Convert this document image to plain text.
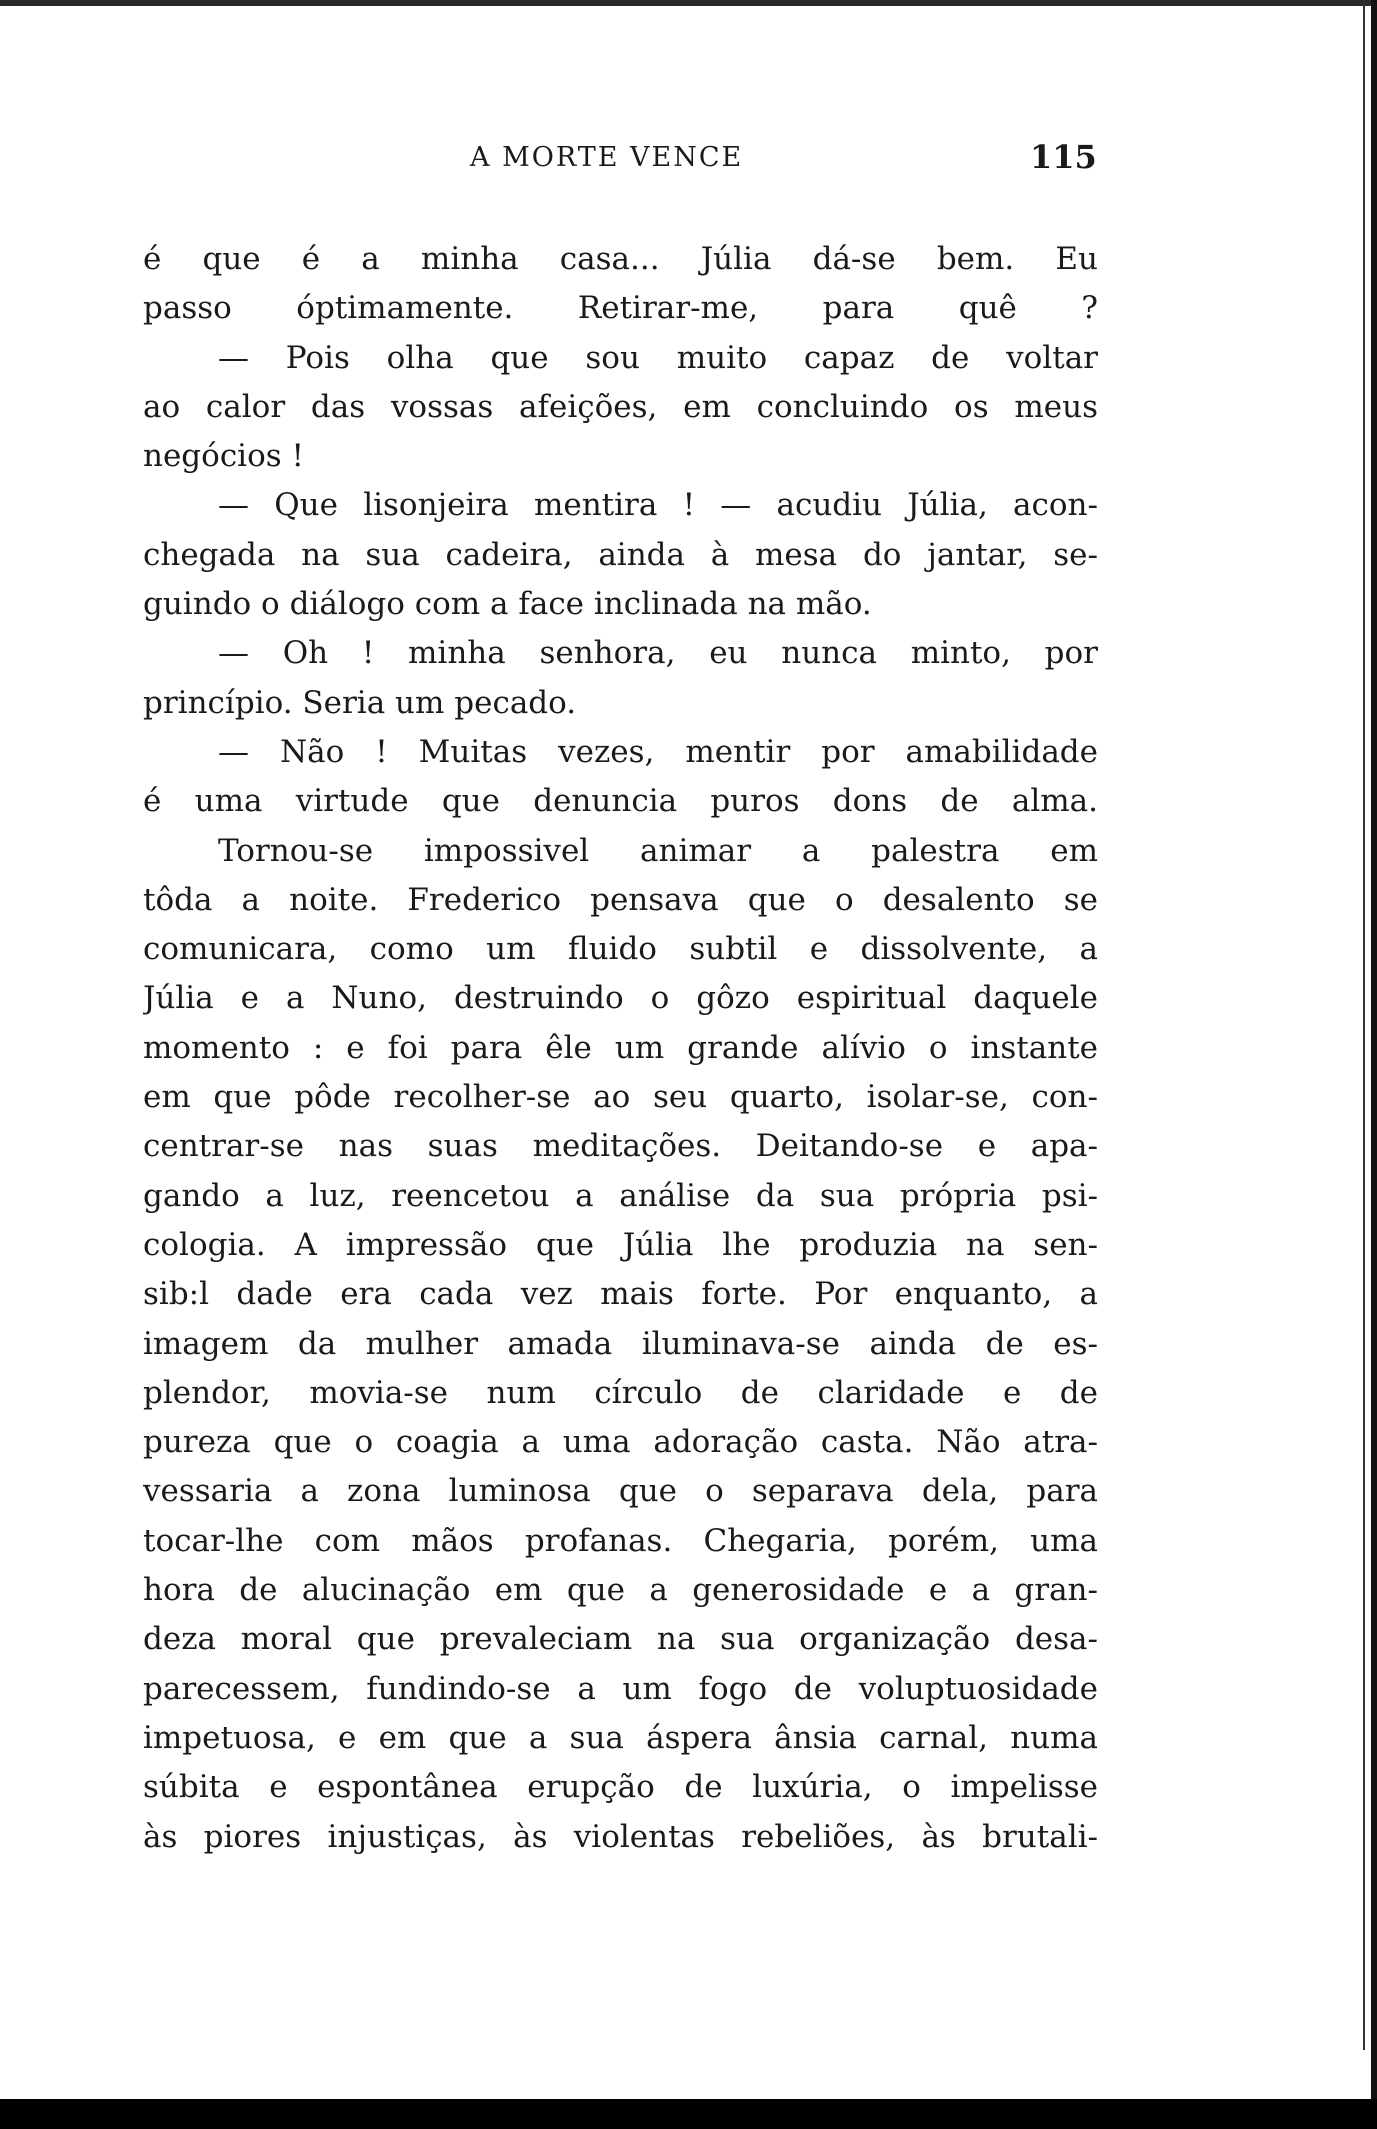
A MORTE VENCE	115
é que é a minha casa... Júlia dá-se bem. Eu
passo óptimamente. Retirar-me, para quê ?
— Pois olha que sou muito capaz de voltar
ao calor das vossas afeições, em concluindo os meus
negócios !
— Que lisonjeira mentira ! — acudiu Júlia, acon-
chegada na sua cadeira, ainda à mesa do jantar, se-
guindo o diálogo com a face inclinada na mão.
— Oh ! minha senhora, eu nunca minto, por
princípio. Seria um pecado.
— Não ! Muitas vezes, mentir por amabilidade
é uma virtude que denuncia puros dons de alma.
Tornou-se impossivel animar a palestra em
tôda a noite. Frederico pensava que o desalento se
comunicara, como um fluido subtil e dissolvente, a
Júlia e a Nuno, destruindo o gôzo espiritual daquele
momento : e foi para êle um grande alívio o instante
em que pôde recolher-se ao seu quarto, isolar-se, con-
centrar-se nas suas meditações. Deitando-se e apa-
gando a luz, reencetou a análise da sua própria psi-
cologia. A impressão que Júlia lhe produzia na sen-
sib:l dade era cada vez mais forte. Por enquanto, a
imagem da mulher amada iluminava-se ainda de es-
plendor, movia-se num círculo de claridade e de
pureza que o coagia a uma adoração casta. Não atra-
vessaria a zona luminosa que o separava dela, para
tocar-lhe com mãos profanas. Chegaria, porém, uma
hora de alucinação em que a generosidade e a gran-
deza moral que prevaleciam na sua organização desa-
parecessem, fundindo-se a um fogo de voluptuosidade
impetuosa, e em que a sua áspera ânsia carnal, numa
súbita e espontânea erupção de luxúria, o impelisse
às piores injustiças, às violentas rebeliões, às brutali-
